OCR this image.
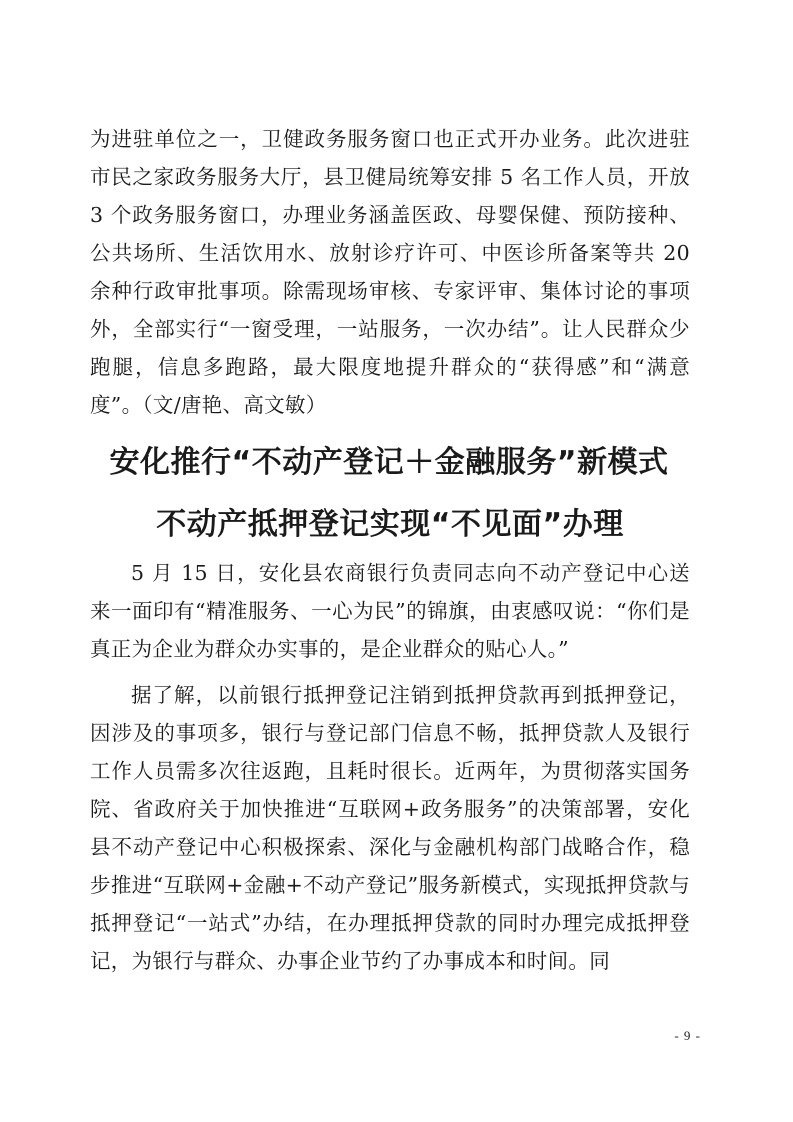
为进驻单位之一，卫健政务服务窗口也正式开办业务。此次进驻市民之家政务服务大厅，县卫健局统筹安排 5 名工作人员，开放 3 个政务服务窗口，办理业务涵盖医政、母婴保健、预防接种、公共场所、生活饮用水、放射诊疗许可、中医诊所备案等共 20 余种行政审批事项。除需现场审核、专家评审、集体讨论的事项外，全部实行“一窗受理，一站服务，一次办结”。让人民群众少跑腿，信息多跑路，最大限度地提升群众的“获得感”和“满意度”。（文/唐艳、高文敏）

安化推行“不动产登记＋金融服务”新模式
不动产抵押登记实现“不见面”办理

5 月 15 日，安化县农商银行负责同志向不动产登记中心送来一面印有“精准服务、一心为民”的锦旗，由衷感叹说：“你们是真正为企业为群众办实事的，是企业群众的贴心人。”

据了解，以前银行抵押登记注销到抵押贷款再到抵押登记，因涉及的事项多，银行与登记部门信息不畅，抵押贷款人及银行工作人员需多次往返跑，且耗时很长。近两年，为贯彻落实国务院、省政府关于加快推进“互联网+政务服务”的决策部署，安化县不动产登记中心积极探索、深化与金融机构部门战略合作，稳步推进“互联网+金融+不动产登记”服务新模式，实现抵押贷款与抵押登记“一站式”办结，在办理抵押贷款的同时办理完成抵押登记，为银行与群众、办事企业节约了办事成本和时间。同

- 9 -
